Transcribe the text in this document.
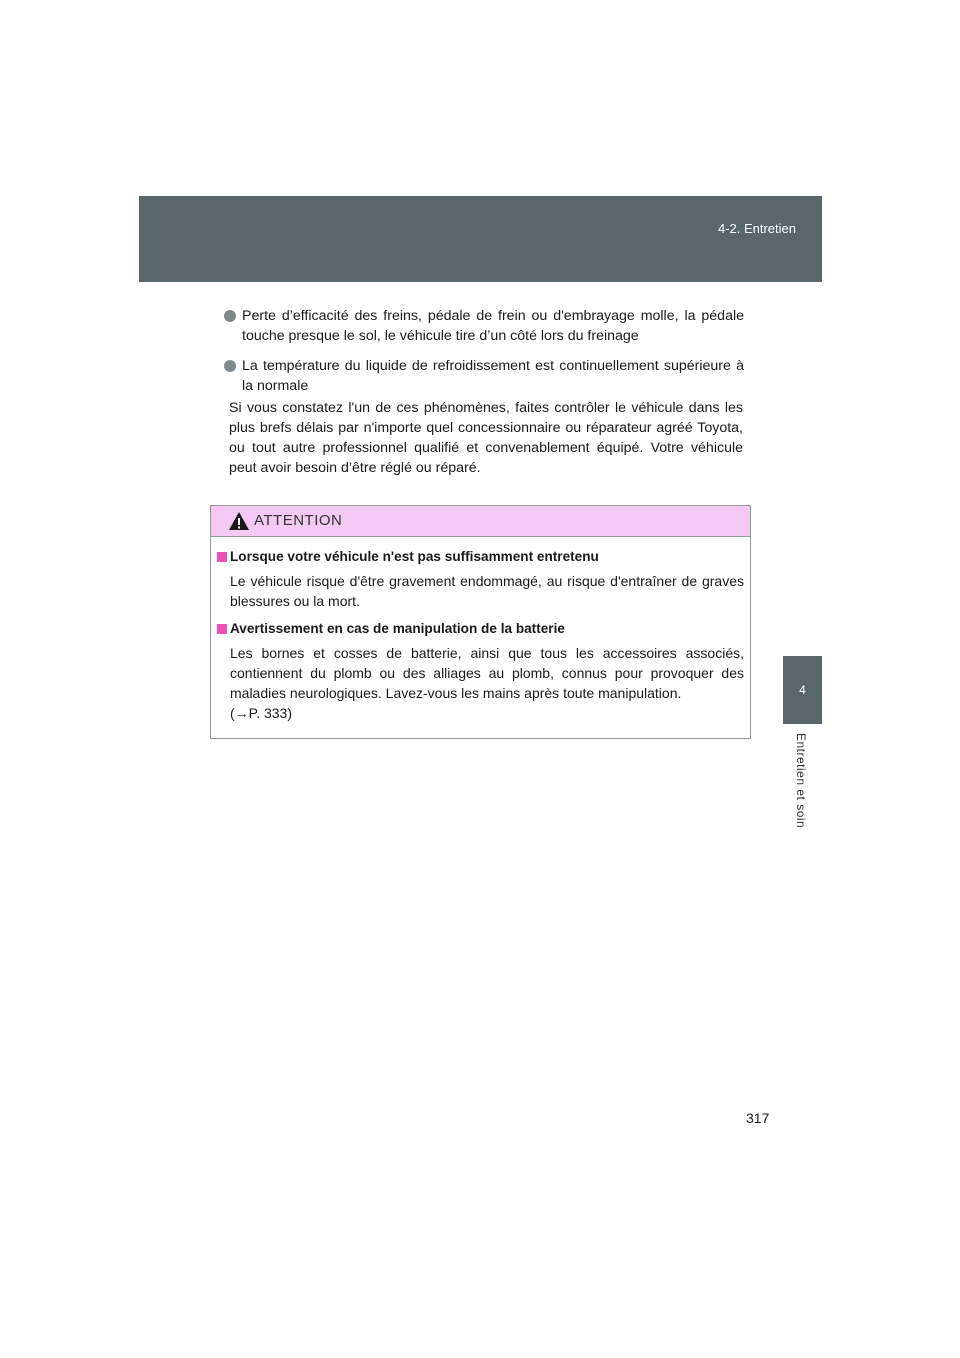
4-2. Entretien
4
Entretien et soin
Perte d’efficacité des freins, pédale de frein ou d'embrayage molle, la pédale touche presque le sol, le véhicule tire d’un côté lors du freinage
La température du liquide de refroidissement est continuellement supérieure à la normale
Si vous constatez l'un de ces phénomènes, faites contrôler le véhicule dans les plus brefs délais par n'importe quel concessionnaire ou réparateur agréé Toyota, ou tout autre professionnel qualifié et convenablement équipé. Votre véhicule peut avoir besoin d’être réglé ou réparé.
ATTENTION
Lorsque votre véhicule n'est pas suffisamment entretenu
Le véhicule risque d'être gravement endommagé, au risque d'entraîner de graves blessures ou la mort.
Avertissement en cas de manipulation de la batterie
Les bornes et cosses de batterie, ainsi que tous les accessoires associés, contiennent du plomb ou des alliages au plomb, connus pour provoquer des maladies neurologiques. Lavez-vous les mains après toute manipulation.
(→P. 333)
317
